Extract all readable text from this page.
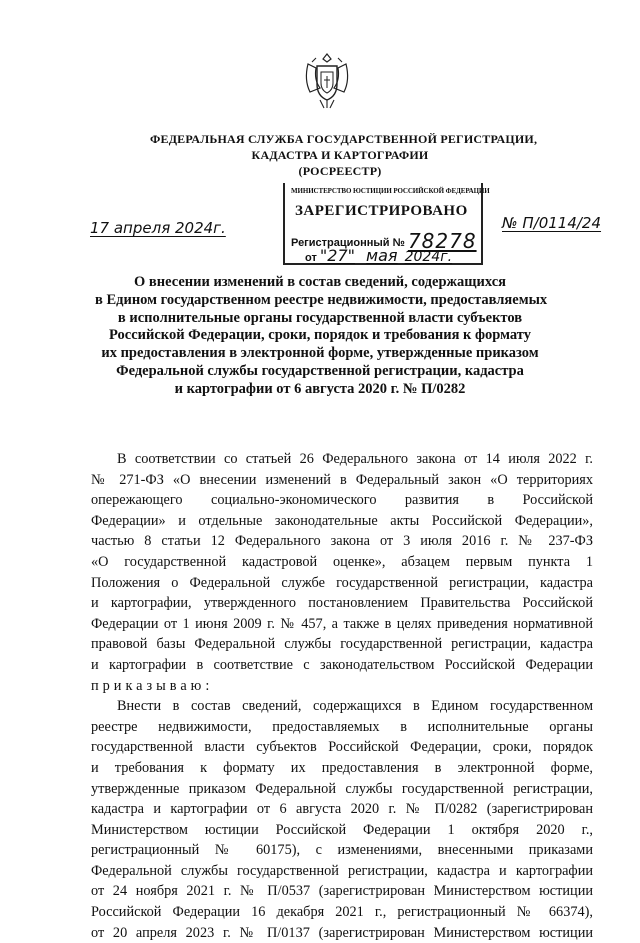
ФЕДЕРАЛЬНАЯ СЛУЖБА ГОСУДАРСТВЕННОЙ РЕГИСТРАЦИИ,
КАДАСТРА И КАРТОГРАФИИ
(РОСРЕЕСТР)
МИНИСТЕРСТВО ЮСТИЦИИ РОССИЙСКОЙ ФЕДЕРАЦИИ
ЗАРЕГИСТРИРОВАНО
Регистрационный № 78278
от "27" мая 2024г.
17 апреля 2024г.	№ П/0114/24
О внесении изменений в состав сведений, содержащихся
в Едином государственном реестре недвижимости, предоставляемых
в исполнительные органы государственной власти субъектов
Российской Федерации, сроки, порядок и требования к формату
их предоставления в электронной форме, утвержденные приказом
Федеральной службы государственной регистрации, кадастра
и картографии от 6 августа 2020 г. № П/0282

В соответствии со статьей 26 Федерального закона от 14 июля 2022 г.
№ 271-ФЗ «О внесении изменений в Федеральный закон «О территориях
опережающего социально-экономического развития в Российской
Федерации» и отдельные законодательные акты Российской Федерации»,
частью 8 статьи 12 Федерального закона от 3 июля 2016 г. № 237-ФЗ
«О государственной кадастровой оценке», абзацем первым пункта 1
Положения о Федеральной службе государственной регистрации, кадастра
и картографии, утвержденного постановлением Правительства Российской
Федерации от 1 июня 2009 г. № 457, а также в целях приведения нормативной
правовой базы Федеральной службы государственной регистрации, кадастра
и картографии в соответствие с законодательством Российской Федерации
приказываю:

Внести в состав сведений, содержащихся в Едином государственном
реестре недвижимости, предоставляемых в исполнительные органы
государственной власти субъектов Российской Федерации, сроки, порядок
и требования к формату их предоставления в электронной форме,
утвержденные приказом Федеральной службы государственной регистрации,
кадастра и картографии от 6 августа 2020 г. № П/0282 (зарегистрирован
Министерством юстиции Российской Федерации 1 октября 2020 г.,
регистрационный № 60175), с изменениями, внесенными приказами
Федеральной службы государственной регистрации, кадастра и картографии
от 24 ноября 2021 г. № П/0537 (зарегистрирован Министерством юстиции
Российской Федерации 16 декабря 2021 г., регистрационный № 66374),
от 20 апреля 2023 г. № П/0137 (зарегистрирован Министерством юстиции
